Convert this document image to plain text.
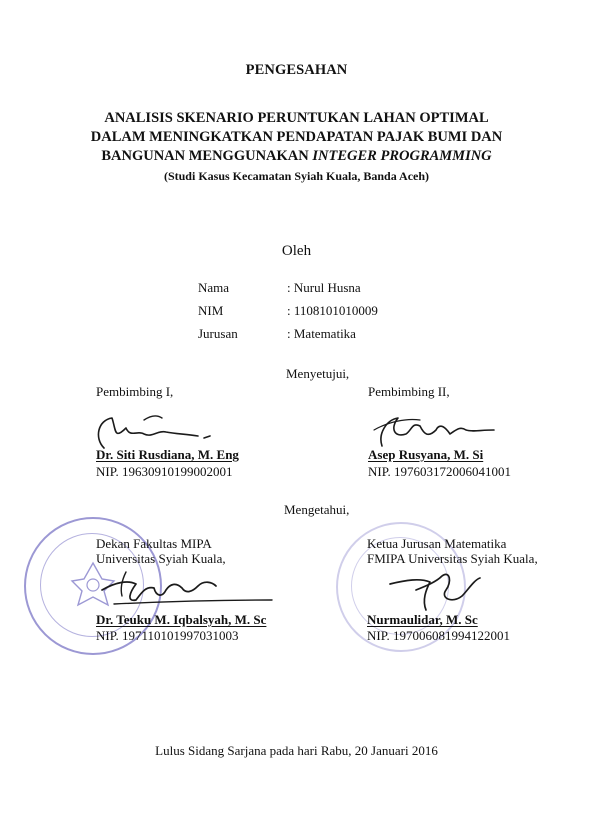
PENGESAHAN
ANALISIS SKENARIO PERUNTUKAN LAHAN OPTIMAL
DALAM MENINGKATKAN PENDAPATAN PAJAK BUMI DAN
BANGUNAN MENGGUNAKAN INTEGER PROGRAMMING
(Studi Kasus Kecamatan Syiah Kuala, Banda Aceh)
Oleh
Nama	: Nurul Husna
NIM	: 1108101010009
Jurusan	: Matematika
Menyetujui,
Pembimbing I,
Dr. Siti Rusdiana, M. Eng
NIP. 19630910199002001
Pembimbing II,
Asep Rusyana, M. Si
NIP. 197603172006041001
Mengetahui,
Dekan Fakultas MIPA
Universitas Syiah Kuala,
Dr. Teuku M. Iqbalsyah, M. Sc
NIP. 197110101997031003
Ketua Jurusan Matematika
FMIPA Universitas Syiah Kuala,
Nurmaulidar, M. Sc
NIP. 197006081994122001
Lulus Sidang Sarjana pada hari Rabu, 20 Januari 2016
